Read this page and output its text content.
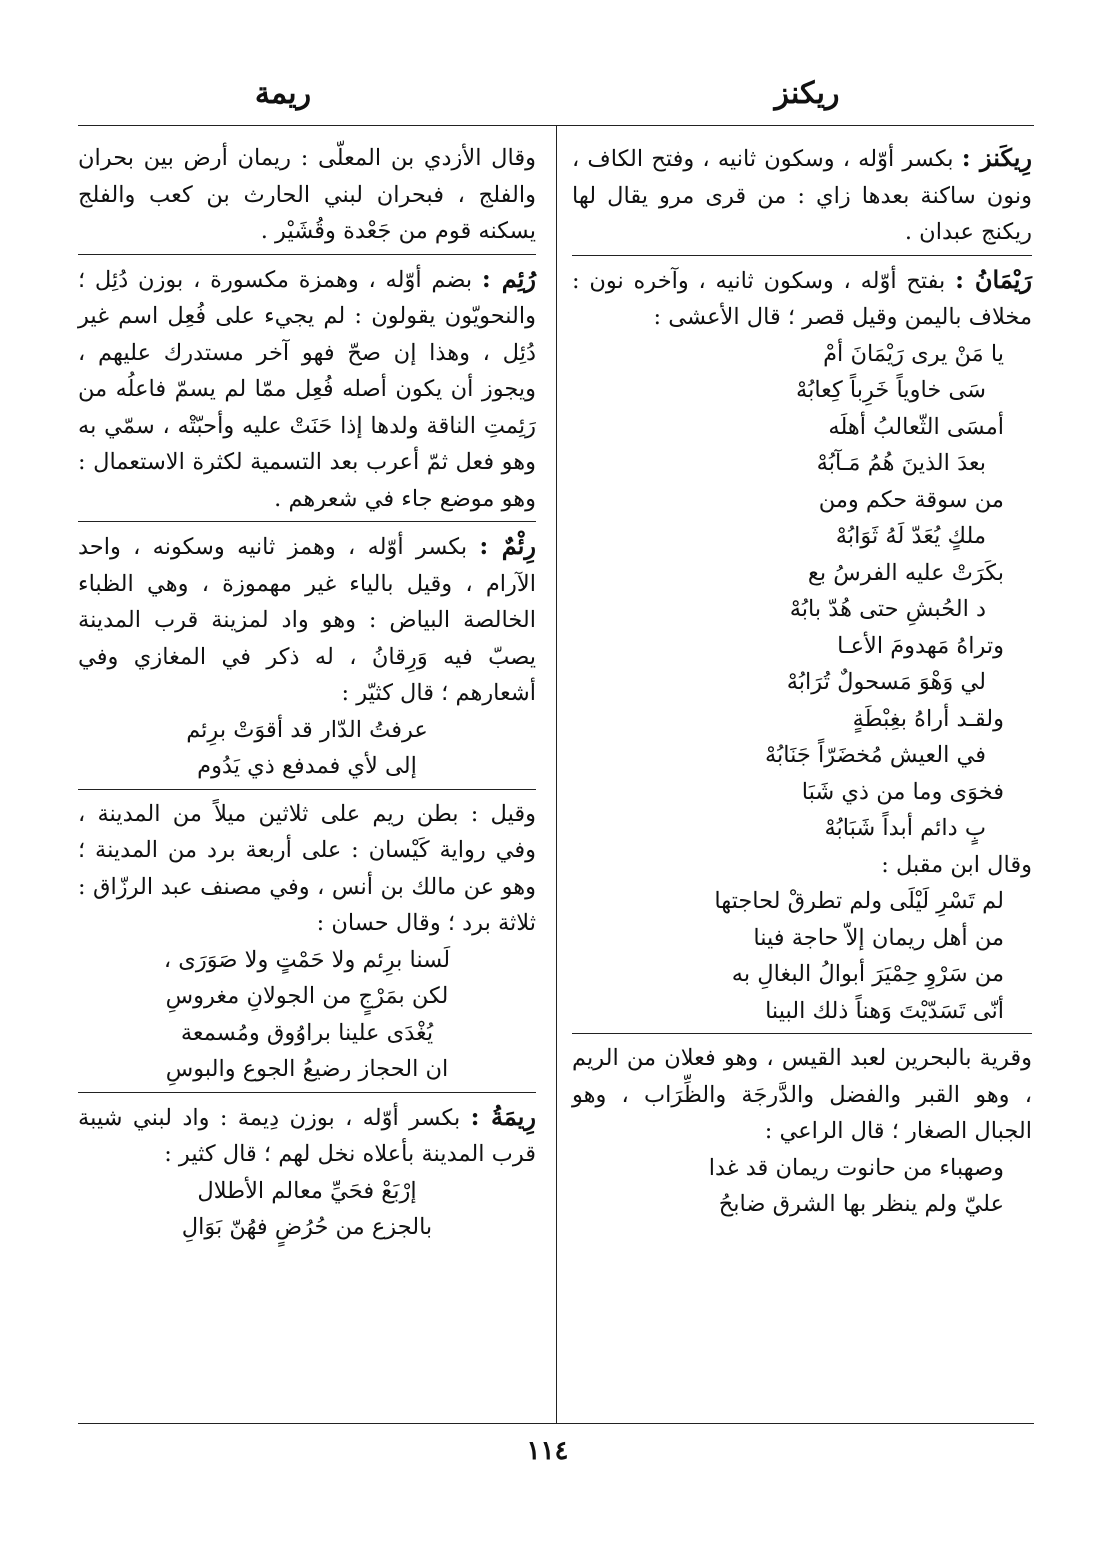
ريكنز
ريمة

رِيكَنز : بكسر أوّله ، وسكون ثانيه ، وفتح الكاف ، ونون ساكنة بعدها زاي : من قرى مرو يقال لها ريكنج عبدان .

رَيْمَانُ : بفتح أوّله ، وسكون ثانيه ، وآخره نون : مخلاف باليمن وقيل قصر ؛ قال الأعشى :

يا مَنْ يرى رَيْمَانَ أمْ
سَى خاوياً خَرِباً كِعابُهْ
أمسَى الثّعالبُ أهلَه
بعدَ الذينَ هُمُ مَـآبُهْ
من سوقة حكم ومن
ملكٍ يُعَدّ لَهُ ثَوَابُهْ
بكَرَتْ عليه الفرسُ بع
د الحُبشِ حتى هُدّ بابُهْ
وتراهُ مَهدومَ الأعـا
لي وَهْوَ مَسحولٌ تُرَابُهْ
ولقـد أراهُ بغِبْطَةٍ
في العيش مُخضَرّاً جَنَابُهْ
فخوَى وما من ذي شَبَا
بٍ دائم أبداً شَبَابُهْ

وقال ابن مقبل :

لم تَسْرِ لَيْلَى ولم تطرقْ لحاجتها
من أهل ريمان إلاّ حاجة فينا
من سَرْوِ حِمْيَرَ أبوالُ البغالِ به
أنّى تَسَدّيْتَ وَهناً ذلك البينا

وقرية بالبحرين لعبد القيس ، وهو فعلان من الريم ، وهو القبر والفضل والدَّرجَة والظِّرَاب ، وهو الجبال الصغار ؛ قال الراعي :

وصهباء من حانوت ريمان قد غدا
عليّ ولم ينظر بها الشرق ضابحُ

وقال الأزدي بن المعلّى : ريمان أرض بين بحران والفلج ، فبحران لبني الحارث بن كعب والفلج يسكنه قوم من جَعْدة وقُشَيْر .

رُئِم : بضم أوّله ، وهمزة مكسورة ، بوزن دُئِل ؛ والنحويّون يقولون : لم يجيء على فُعِل اسم غير دُئِل ، وهذا إن صحّ فهو آخر مستدرك عليهم ، ويجوز أن يكون أصله فُعِل ممّا لم يسمّ فاعلُه من رَئِمتِ الناقة ولدها إذا حَنَتْ عليه وأحبّتْه ، سمّي به وهو فعل ثمّ أعرب بعد التسمية لكثرة الاستعمال : وهو موضع جاء في شعرهم .

رِئْمٌ : بكسر أوّله ، وهمز ثانيه وسكونه ، واحد الآرام ، وقيل بالياء غير مهموزة ، وهي الظباء الخالصة البياض : وهو واد لمزينة قرب المدينة يصبّ فيه وَرِقانُ ، له ذكر في المغازي وفي أشعارهم ؛ قال كثيّر :

عرفتُ الدّار قد أقوَتْ برِئم
إلى لأي فمدفع ذي يَدُوم

وقيل : بطن ريم على ثلاثين ميلاً من المدينة ، وفي رواية كَيْسان : على أربعة برد من المدينة ؛ وهو عن مالك بن أنس ، وفي مصنف عبد الرزّاق : ثلاثة برد ؛ وقال حسان :

لَسنا برِئم ولا حَمْتٍ ولا صَوَرَى ،
لكن بمَرْجٍ من الجولانِ مغروسِ
يُغْدَى علينا براوُوق ومُسمعة
ان الحجاز رضيعُ الجوع والبوسِ

رِيمَةُ : بكسر أوّله ، بوزن دِيمة : واد لبني شيبة قرب المدينة بأعلاه نخل لهم ؛ قال كثير :

إرْبَعْ فحَيِّ معالم الأطلال
بالجزع من حُرُضٍ فهُنّ بَوَالِ
١١٤
